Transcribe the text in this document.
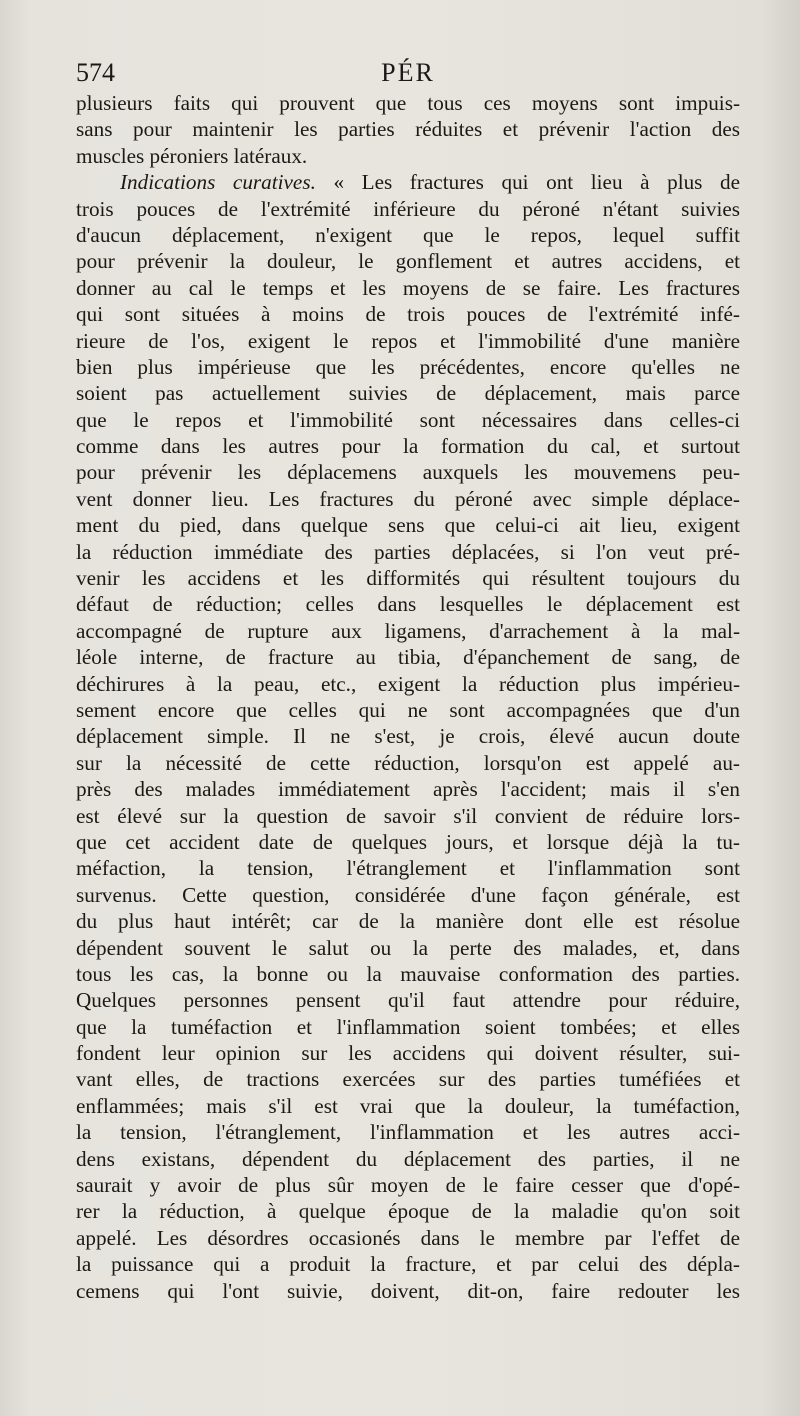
574	PÉR
plusieurs faits qui prouvent que tous ces moyens sont impuis-
sans pour maintenir les parties réduites et prévenir l'action des
muscles péroniers latéraux.
Indications curatives. « Les fractures qui ont lieu à plus de
trois pouces de l'extrémité inférieure du péroné n'étant suivies
d'aucun déplacement, n'exigent que le repos, lequel suffit
pour prévenir la douleur, le gonflement et autres accidens, et
donner au cal le temps et les moyens de se faire. Les fractures
qui sont situées à moins de trois pouces de l'extrémité infé-
rieure de l'os, exigent le repos et l'immobilité d'une manière
bien plus impérieuse que les précédentes, encore qu'elles ne
soient pas actuellement suivies de déplacement, mais parce
que le repos et l'immobilité sont nécessaires dans celles-ci
comme dans les autres pour la formation du cal, et surtout
pour prévenir les déplacemens auxquels les mouvemens peu-
vent donner lieu. Les fractures du péroné avec simple déplace-
ment du pied, dans quelque sens que celui-ci ait lieu, exigent
la réduction immédiate des parties déplacées, si l'on veut pré-
venir les accidens et les difformités qui résultent toujours du
défaut de réduction; celles dans lesquelles le déplacement est
accompagné de rupture aux ligamens, d'arrachement à la mal-
léole interne, de fracture au tibia, d'épanchement de sang, de
déchirures à la peau, etc., exigent la réduction plus impérieu-
sement encore que celles qui ne sont accompagnées que d'un
déplacement simple. Il ne s'est, je crois, élevé aucun doute
sur la nécessité de cette réduction, lorsqu'on est appelé au-
près des malades immédiatement après l'accident; mais il s'en
est élevé sur la question de savoir s'il convient de réduire lors-
que cet accident date de quelques jours, et lorsque déjà la tu-
méfaction, la tension, l'étranglement et l'inflammation sont
survenus. Cette question, considérée d'une façon générale, est
du plus haut intérêt; car de la manière dont elle est résolue
dépendent souvent le salut ou la perte des malades, et, dans
tous les cas, la bonne ou la mauvaise conformation des parties.
Quelques personnes pensent qu'il faut attendre pour réduire,
que la tuméfaction et l'inflammation soient tombées; et elles
fondent leur opinion sur les accidens qui doivent résulter, sui-
vant elles, de tractions exercées sur des parties tuméfiées et
enflammées; mais s'il est vrai que la douleur, la tuméfaction,
la tension, l'étranglement, l'inflammation et les autres acci-
dens existans, dépendent du déplacement des parties, il ne
saurait y avoir de plus sûr moyen de le faire cesser que d'opé-
rer la réduction, à quelque époque de la maladie qu'on soit
appelé. Les désordres occasionés dans le membre par l'effet de
la puissance qui a produit la fracture, et par celui des dépla-
cemens qui l'ont suivie, doivent, dit-on, faire redouter les
